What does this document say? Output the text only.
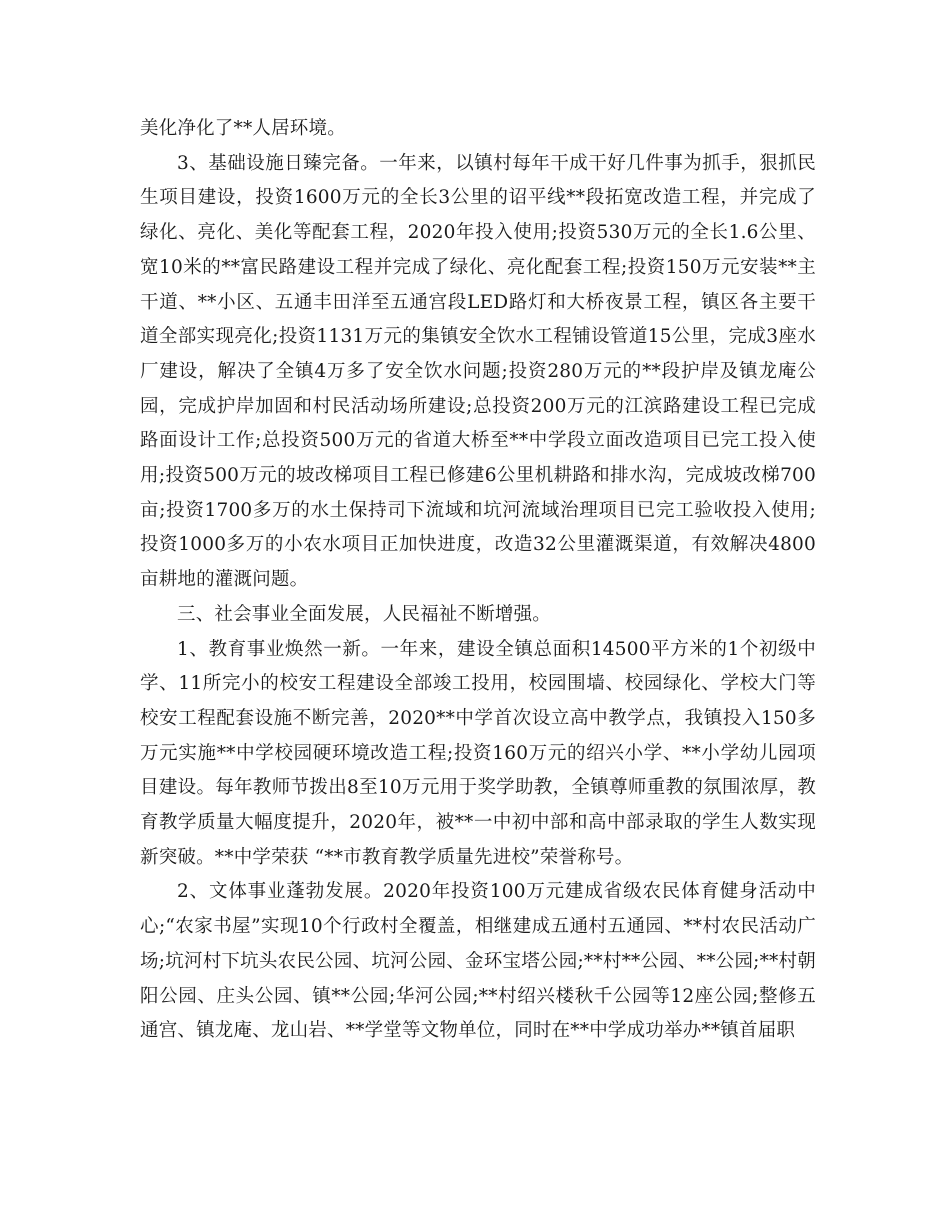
美化净化了**人居环境。

3、基础设施日臻完备。一年来，以镇村每年干成干好几件事为抓手，狠抓民生项目建设，投资1600万元的全长3公里的诏平线**段拓宽改造工程，并完成了绿化、亮化、美化等配套工程，2020年投入使用;投资530万元的全长1.6公里、宽10米的**富民路建设工程并完成了绿化、亮化配套工程;投资150万元安装**主干道、**小区、五通丰田洋至五通宫段LED路灯和大桥夜景工程，镇区各主要干道全部实现亮化;投资1131万元的集镇安全饮水工程铺设管道15公里，完成3座水厂建设，解决了全镇4万多了安全饮水问题;投资280万元的**段护岸及镇龙庵公园，完成护岸加固和村民活动场所建设;总投资200万元的江滨路建设工程已完成路面设计工作;总投资500万元的省道大桥至**中学段立面改造项目已完工投入使用;投资500万元的坡改梯项目工程已修建6公里机耕路和排水沟，完成坡改梯700亩;投资1700多万的水土保持司下流域和坑河流域治理项目已完工验收投入使用;投资1000多万的小农水项目正加快进度，改造32公里灌溉渠道，有效解决4800亩耕地的灌溉问题。

三、社会事业全面发展，人民福祉不断增强。

1、教育事业焕然一新。一年来，建设全镇总面积14500平方米的1个初级中学、11所完小的校安工程建设全部竣工投用，校园围墙、校园绿化、学校大门等校安工程配套设施不断完善，2020**中学首次设立高中教学点，我镇投入150多万元实施**中学校园硬环境改造工程;投资160万元的绍兴小学、**小学幼儿园项目建设。每年教师节拨出8至10万元用于奖学助教，全镇尊师重教的氛围浓厚，教育教学质量大幅度提升，2020年，被**一中初中部和高中部录取的学生人数实现新突破。**中学荣获 “**市教育教学质量先进校”荣誉称号。

2、文体事业蓬勃发展。2020年投资100万元建成省级农民体育健身活动中心;“农家书屋”实现10个行政村全覆盖，相继建成五通村五通园、**村农民活动广场;坑河村下坑头农民公园、坑河公园、金环宝塔公园;**村**公园、**公园;**村朝阳公园、庄头公园、镇**公园;华河公园;**村绍兴楼秋千公园等12座公园;整修五通宫、镇龙庵、龙山岩、**学堂等文物单位，同时在**中学成功举办**镇首届职
